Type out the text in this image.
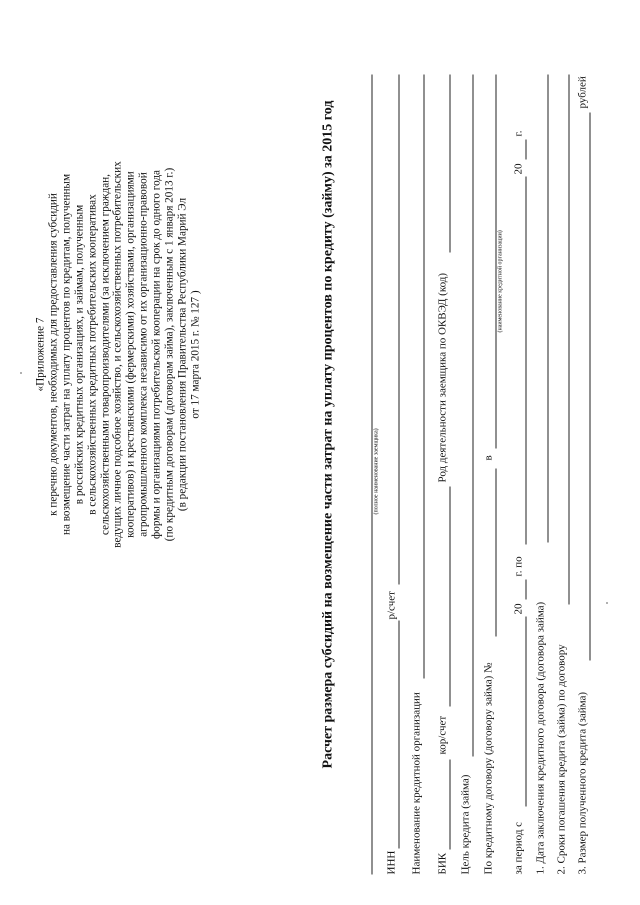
«Приложение 7 к перечню документов, необходимых для предоставления субсидий на возмещение части затрат на уплату процентов по кредитам, полученным в российских кредитных организациях, и займам, полученным в сельскохозяйственных кредитных потребительских кооперативах сельскохозяйственными товаропроизводителями (за исключением граждан, ведущих личное подсобное хозяйство, и сельскохозяйственных потребительских кооперативов) и крестьянскими (фермерскими) хозяйствами, организациями агропромышленного комплекса независимо от их организационно-правовой формы и организациями потребительской кооперации на срок до одного года (по кредитным договорам (договорам займа), заключенным с 1 января 2013 г.) (в редакции постановления Правительства Республики Марий Эл от 17 марта 2015 г. № 127 )	Расчет размера субсидий на возмещение части затрат на уплату процентов по кредиту (займу) за 2015 год	(полное наименование заемщика)
ИНН
р/счет
Наименование кредитной организации БИК
кор/счет
Род деятельности заемщика по ОКВЭД (код)
Цель кредита (займа) По кредитному договору (договору займа) №
в
(наименование кредитной организации)
за период с
20
г. по
20
г.
1. Дата заключения кредитного договора (договора займа) 2. Сроки погашения кредита (займа) по договору 3. Размер полученного кредита (займа)
рублей
